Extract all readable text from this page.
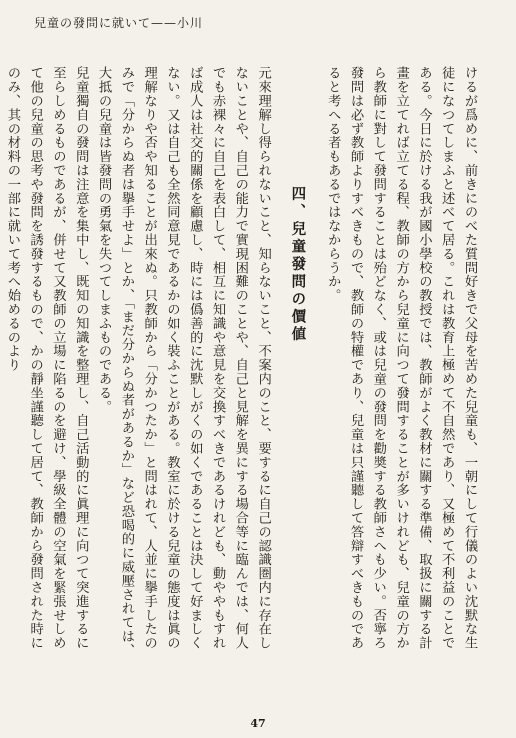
兒童の發問に就いて——小川

けるが爲めに、前きにのべた質問好きで父母を苦めた兒童も、一朝にして行儀のよい沈默な生徒になつてしまふと述べて居る。これは教育上極めて不自然であり、又極めて不利益のことである。今日に於ける我が國小學校の教授では、教師がよく教材に關する準備、取扱に關する計畫を立てれば立てる程、教師の方から兒童に向つて發問することが多いけれども、兒童の方から教師に對して發問することは殆どなく、或は兒童の發問を勸奬する教師さへも少い。否寧ろ發問は必ず教師よりすべきもので、教師の特權であり、兒童は只謹聽して答辯すべきものであると考へる者もあるではなからうか。

四、兒童發問の價値

元來理解し得られないこと、知らないこと、不案内のこと、要するに自己の認識圏内に存在しないことや、自己の能力で實現困難のことや、自己と見解を異にする場合等に臨んでは、何人でも赤裸々に自己を表白して、相互に知識や意見を交換すべきであるけれども、動ややもすれば成人は社交的關係を顧慮し、時には僞善的に沈默しがくの如くであることは決して好ましくない。又は自己も全然同意見であるかの如く裝ふことがある。教室に於ける兒童の態度は眞の理解なりや否や知ることが出來ぬ。只教師から「分かつたか」と問はれて、人並に擧手したのみで「分からぬ者は擧手せよ」とか、「まだ分からぬ者があるか」など恐喝的に威壓されては、大抵の兒童は皆發問の勇氣を失つてしまふものである。

兒童獨自の發問は注意を集中し、既知の知識を整理し、自己活動的に眞理に向つて突進するに至らしめるものであるが、併せて又教師の立場に陷るのを避け、學級全體の空氣を緊張せしめて他の兒童の思考や發問を誘發するもので、かの靜坐謹聽して居て、教師から發問された時にのみ、其の材料の一部に就いて考へ始めるのより

47
